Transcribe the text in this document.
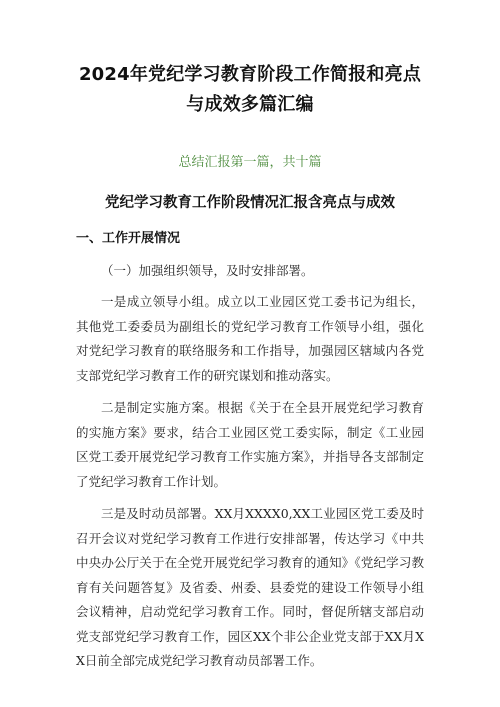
2024年党纪学习教育阶段工作简报和亮点
与成效多篇汇编

总结汇报第一篇，共十篇

党纪学习教育工作阶段情况汇报含亮点与成效
一、工作开展情况

（一）加强组织领导，及时安排部署。

一是成立领导小组。成立以工业园区党工委书记为组长，其他党工委委员为副组长的党纪学习教育工作领导小组，强化对党纪学习教育的联络服务和工作指导，加强园区辖域内各党支部党纪学习教育工作的研究谋划和推动落实。

二是制定实施方案。根据《关于在全县开展党纪学习教育的实施方案》要求，结合工业园区党工委实际，制定《工业园区党工委开展党纪学习教育工作实施方案》，并指导各支部制定了党纪学习教育工作计划。

三是及时动员部署。XX月XXXX0,XX工业园区党工委及时召开会议对党纪学习教育工作进行安排部署，传达学习《中共中央办公厅关于在全党开展党纪学习教育的通知》《党纪学习教育有关问题答复》及省委、州委、县委党的建设工作领导小组会议精神，启动党纪学习教育工作。同时，督促所辖支部启动党支部党纪学习教育工作，园区XX个非公企业党支部于XX月XX日前全部完成党纪学习教育动员部署工作。
